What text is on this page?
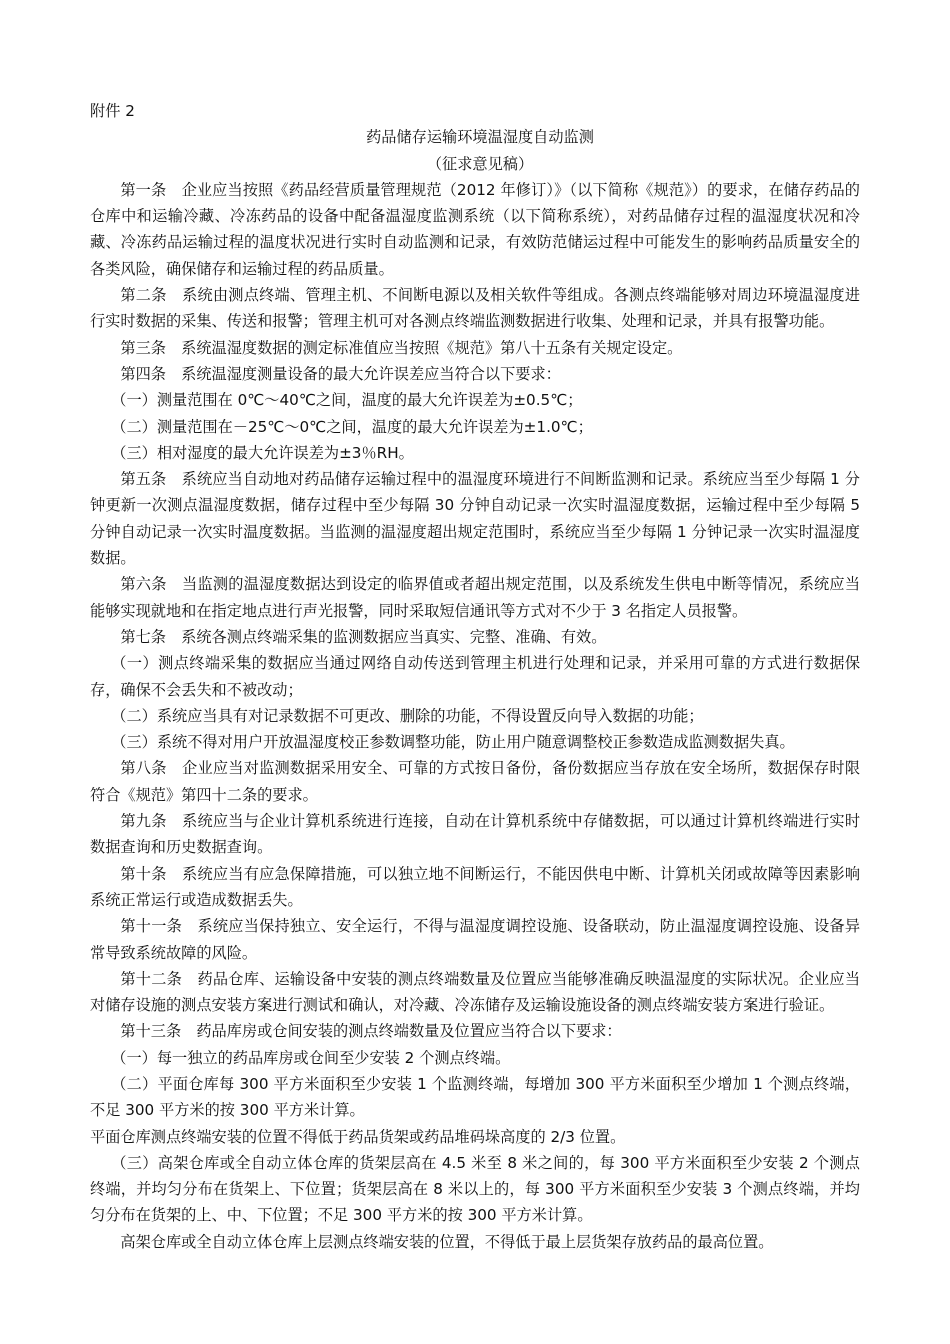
附件 2

药品储存运输环境温湿度自动监测

（征求意见稿）

第一条　企业应当按照《药品经营质量管理规范（2012 年修订）》（以下简称《规范》）的要求，在储存药品的仓库中和运输冷藏、冷冻药品的设备中配备温湿度监测系统（以下简称系统），对药品储存过程的温湿度状况和冷藏、冷冻药品运输过程的温度状况进行实时自动监测和记录，有效防范储运过程中可能发生的影响药品质量安全的各类风险，确保储存和运输过程的药品质量。

第二条　系统由测点终端、管理主机、不间断电源以及相关软件等组成。各测点终端能够对周边环境温湿度进行实时数据的采集、传送和报警；管理主机可对各测点终端监测数据进行收集、处理和记录，并具有报警功能。

第三条　系统温湿度数据的测定标准值应当按照《规范》第八十五条有关规定设定。

第四条　系统温湿度测量设备的最大允许误差应当符合以下要求：

（一）测量范围在 0℃～40℃之间，温度的最大允许误差为±0.5℃；

（二）测量范围在－25℃～0℃之间，温度的最大允许误差为±1.0℃；

（三）相对湿度的最大允许误差为±3％RH。

第五条　系统应当自动地对药品储存运输过程中的温湿度环境进行不间断监测和记录。系统应当至少每隔 1 分钟更新一次测点温湿度数据，储存过程中至少每隔 30 分钟自动记录一次实时温湿度数据，运输过程中至少每隔 5 分钟自动记录一次实时温度数据。当监测的温湿度超出规定范围时，系统应当至少每隔 1 分钟记录一次实时温湿度数据。

第六条　当监测的温湿度数据达到设定的临界值或者超出规定范围，以及系统发生供电中断等情况，系统应当能够实现就地和在指定地点进行声光报警，同时采取短信通讯等方式对不少于 3 名指定人员报警。

第七条　系统各测点终端采集的监测数据应当真实、完整、准确、有效。

（一）测点终端采集的数据应当通过网络自动传送到管理主机进行处理和记录，并采用可靠的方式进行数据保存，确保不会丢失和不被改动；

（二）系统应当具有对记录数据不可更改、删除的功能，不得设置反向导入数据的功能；

（三）系统不得对用户开放温湿度校正参数调整功能，防止用户随意调整校正参数造成监测数据失真。

第八条　企业应当对监测数据采用安全、可靠的方式按日备份，备份数据应当存放在安全场所，数据保存时限符合《规范》第四十二条的要求。

第九条　系统应当与企业计算机系统进行连接，自动在计算机系统中存储数据，可以通过计算机终端进行实时数据查询和历史数据查询。

第十条　系统应当有应急保障措施，可以独立地不间断运行，不能因供电中断、计算机关闭或故障等因素影响系统正常运行或造成数据丢失。

第十一条　系统应当保持独立、安全运行，不得与温湿度调控设施、设备联动，防止温湿度调控设施、设备异常导致系统故障的风险。

第十二条　药品仓库、运输设备中安装的测点终端数量及位置应当能够准确反映温湿度的实际状况。企业应当对储存设施的测点安装方案进行测试和确认，对冷藏、冷冻储存及运输设施设备的测点终端安装方案进行验证。

第十三条　药品库房或仓间安装的测点终端数量及位置应当符合以下要求：

（一）每一独立的药品库房或仓间至少安装 2 个测点终端。

（二）平面仓库每 300 平方米面积至少安装 1 个监测终端，每增加 300 平方米面积至少增加 1 个测点终端，不足 300 平方米的按 300 平方米计算。

平面仓库测点终端安装的位置不得低于药品货架或药品堆码垛高度的 2/3 位置。

（三）高架仓库或全自动立体仓库的货架层高在 4.5 米至 8 米之间的，每 300 平方米面积至少安装 2 个测点终端，并均匀分布在货架上、下位置；货架层高在 8 米以上的，每 300 平方米面积至少安装 3 个测点终端，并均匀分布在货架的上、中、下位置；不足 300 平方米的按 300 平方米计算。

高架仓库或全自动立体仓库上层测点终端安装的位置，不得低于最上层货架存放药品的最高位置。
